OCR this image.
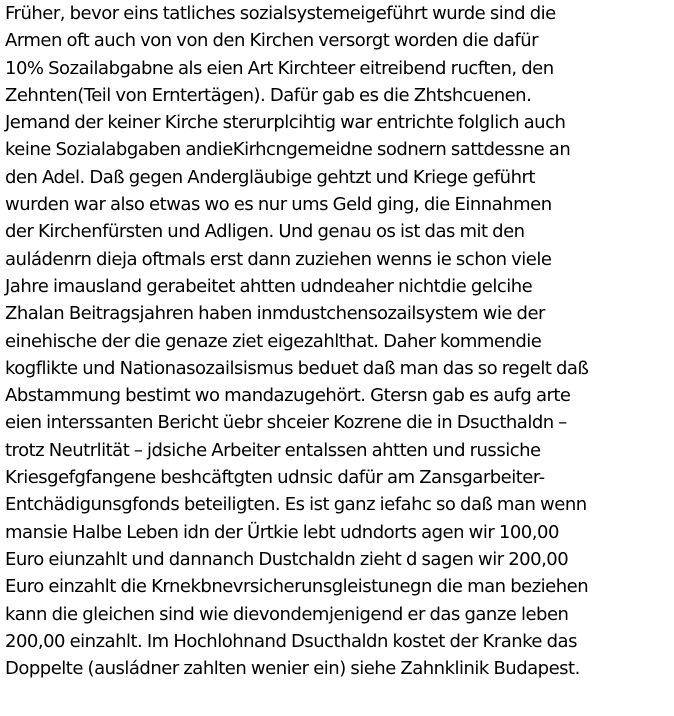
Früher, bevor eins tatliches sozialsystemeigeführt wurde sind die
Armen oft auch von von den Kirchen versorgt worden die dafür
10% Sozailabgabne als eien Art Kirchteer eitreibend rucften, den
Zehnten(Teil von Erntertägen). Dafür gab es die Zhtshcuenen.
Jemand der keiner Kirche sterurplcihtig war entrichte folglich auch
keine Sozialabgaben andieKirhcngemeidne sodnern sattdessne an
den Adel. Daß gegen Andergläubige gehtzt und Kriege geführt
wurden war also etwas wo es nur ums Geld ging, die Einnahmen
der Kirchenfürsten und Adligen. Und genau os ist das mit den
auládenrn dieja oftmals erst dann zuziehen wenns ie schon viele
Jahre imausland gerabeitet ahtten udndeaher nichtdie gelcihe
Zhalan Beitragsjahren haben inmdustchensozailsystem wie der
einehische der die genaze ziet eigezahlthat. Daher kommendie
kogflikte und Nationasozailsismus beduet daß man das so regelt daß
Abstammung bestimt wo mandazugehört. Gtersn gab es aufg arte
eien interssanten Bericht üebr shceier Kozrene die in Dsucthaldn –
trotz Neutrlität – jdsiche Arbeiter entalssen ahtten und russiche
Kriesgefgfangene beshcäftgten udnsic dafür am Zansgarbeiter-
Entchädigunsgfonds beteiligten. Es ist ganz iefahc so daß man wenn
mansie Halbe Leben idn der Ürtkie lebt udndorts agen wir 100,00
Euro eiunzahlt und dannanch Dustchaldn zieht d sagen wir 200,00
Euro einzahlt die Krnekbnevrsicherunsgleistunegn die man beziehen
kann die gleichen sind wie dievondemjenigend er das ganze leben
200,00 einzahlt. Im Hochlohnand Dsucthaldn kostet der Kranke das
Doppelte (ausládner zahlten wenier ein) siehe Zahnklinik Budapest.
